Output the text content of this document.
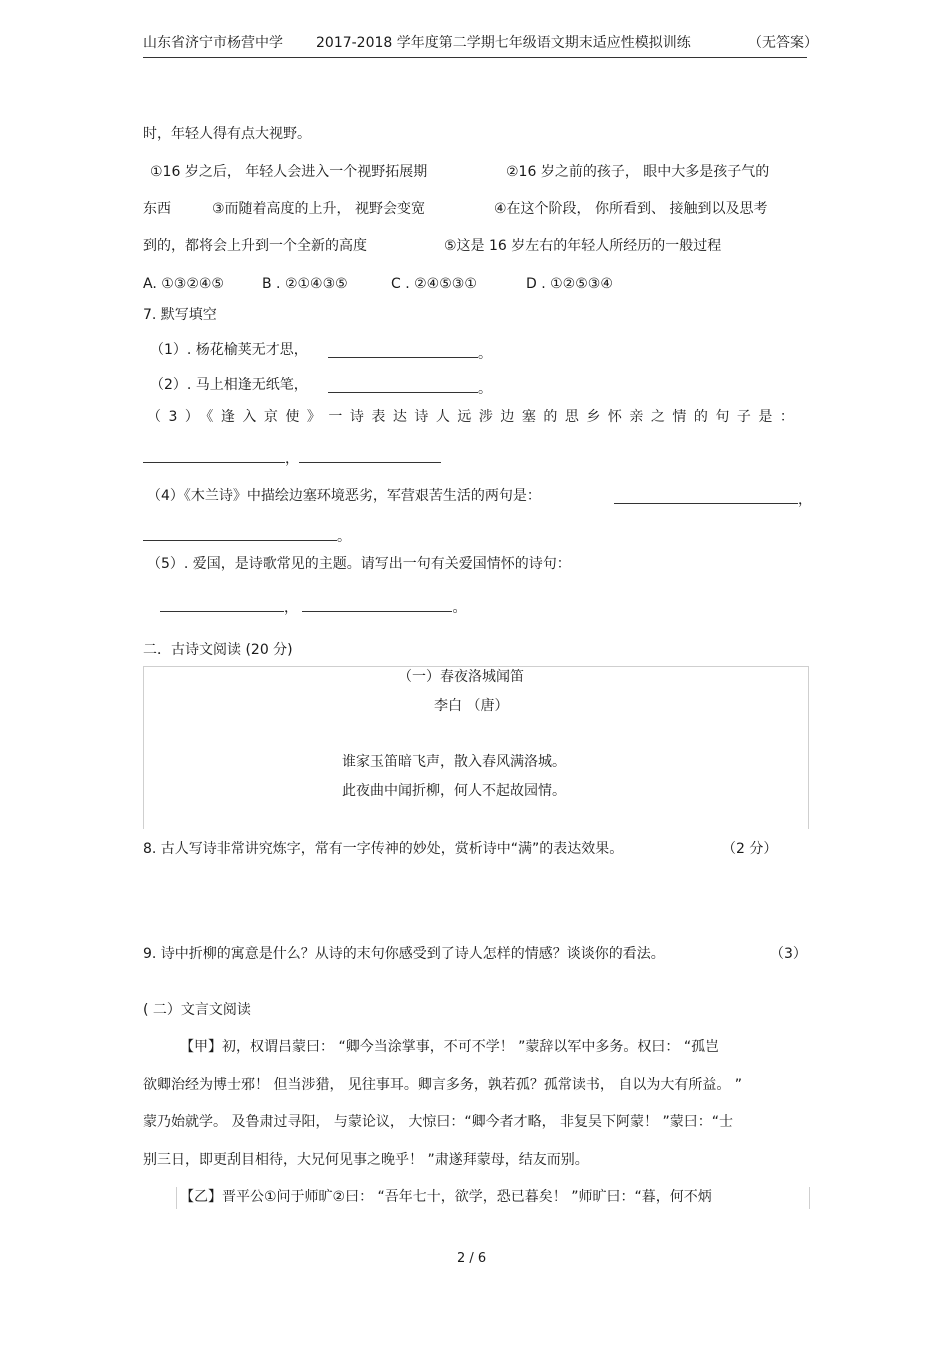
山东省济宁市杨营中学 2017-2018 学年度第二学期七年级语文期末适应性模拟训练	（无答案）
时，年轻人得有点大视野。
①16 岁之后， 年轻人会进入一个视野拓展期	②16 岁之前的孩子， 眼中大多是孩子气的
东西	③而随着高度的上升， 视野会变宽	④在这个阶段， 你所看到、 接触到以及思考
到的，都将会上升到一个全新的高度	⑤这是 16 岁左右的年轻人所经历的一般过程
A. ①③②④⑤	B . ②①④③⑤	C . ②④⑤③①	D . ①②⑤③④
7. 默写填空
（1）. 杨花榆荚无才思，	。
（2）. 马上相逢无纸笔，	。
（3）《逢入京使》一诗表达诗人远涉边塞的思乡怀亲之情的句子是：
，
（4）《木兰诗》中描绘边塞环境恶劣，军营艰苦生活的两句是：	，
。
（5）. 爱国，是诗歌常见的主题。请写出一句有关爱国情怀的诗句：
，	。
二．古诗文阅读 (20 分)
（一）春夜洛城闻笛
李白 （唐）
谁家玉笛暗飞声，散入春风满洛城。
此夜曲中闻折柳，何人不起故园情。
8. 古人写诗非常讲究炼字，常有一字传神的妙处，赏析诗中“满”的表达效果。	（2 分）
9. 诗中折柳的寓意是什么？从诗的末句你感受到了诗人怎样的情感？谈谈你的看法。	（3）
( 二）文言文阅读
【甲】初，权谓吕蒙曰： “卿今当涂掌事，不可不学！ ”蒙辞以军中多务。权曰： “孤岂
欲卿治经为博士邪！ 但当涉猎， 见往事耳。卿言多务，孰若孤？孤常读书， 自以为大有所益。 ”
蒙乃始就学。 及鲁肃过寻阳， 与蒙论议， 大惊曰：“卿今者才略， 非复吴下阿蒙！ ”蒙曰：“士
别三日，即更刮目相待，大兄何见事之晚乎！ ”肃遂拜蒙母，结友而别。
【乙】晋平公①问于师旷②曰： “吾年七十，欲学，恐已暮矣！ ”师旷曰：“暮，何不炳
2 / 6
